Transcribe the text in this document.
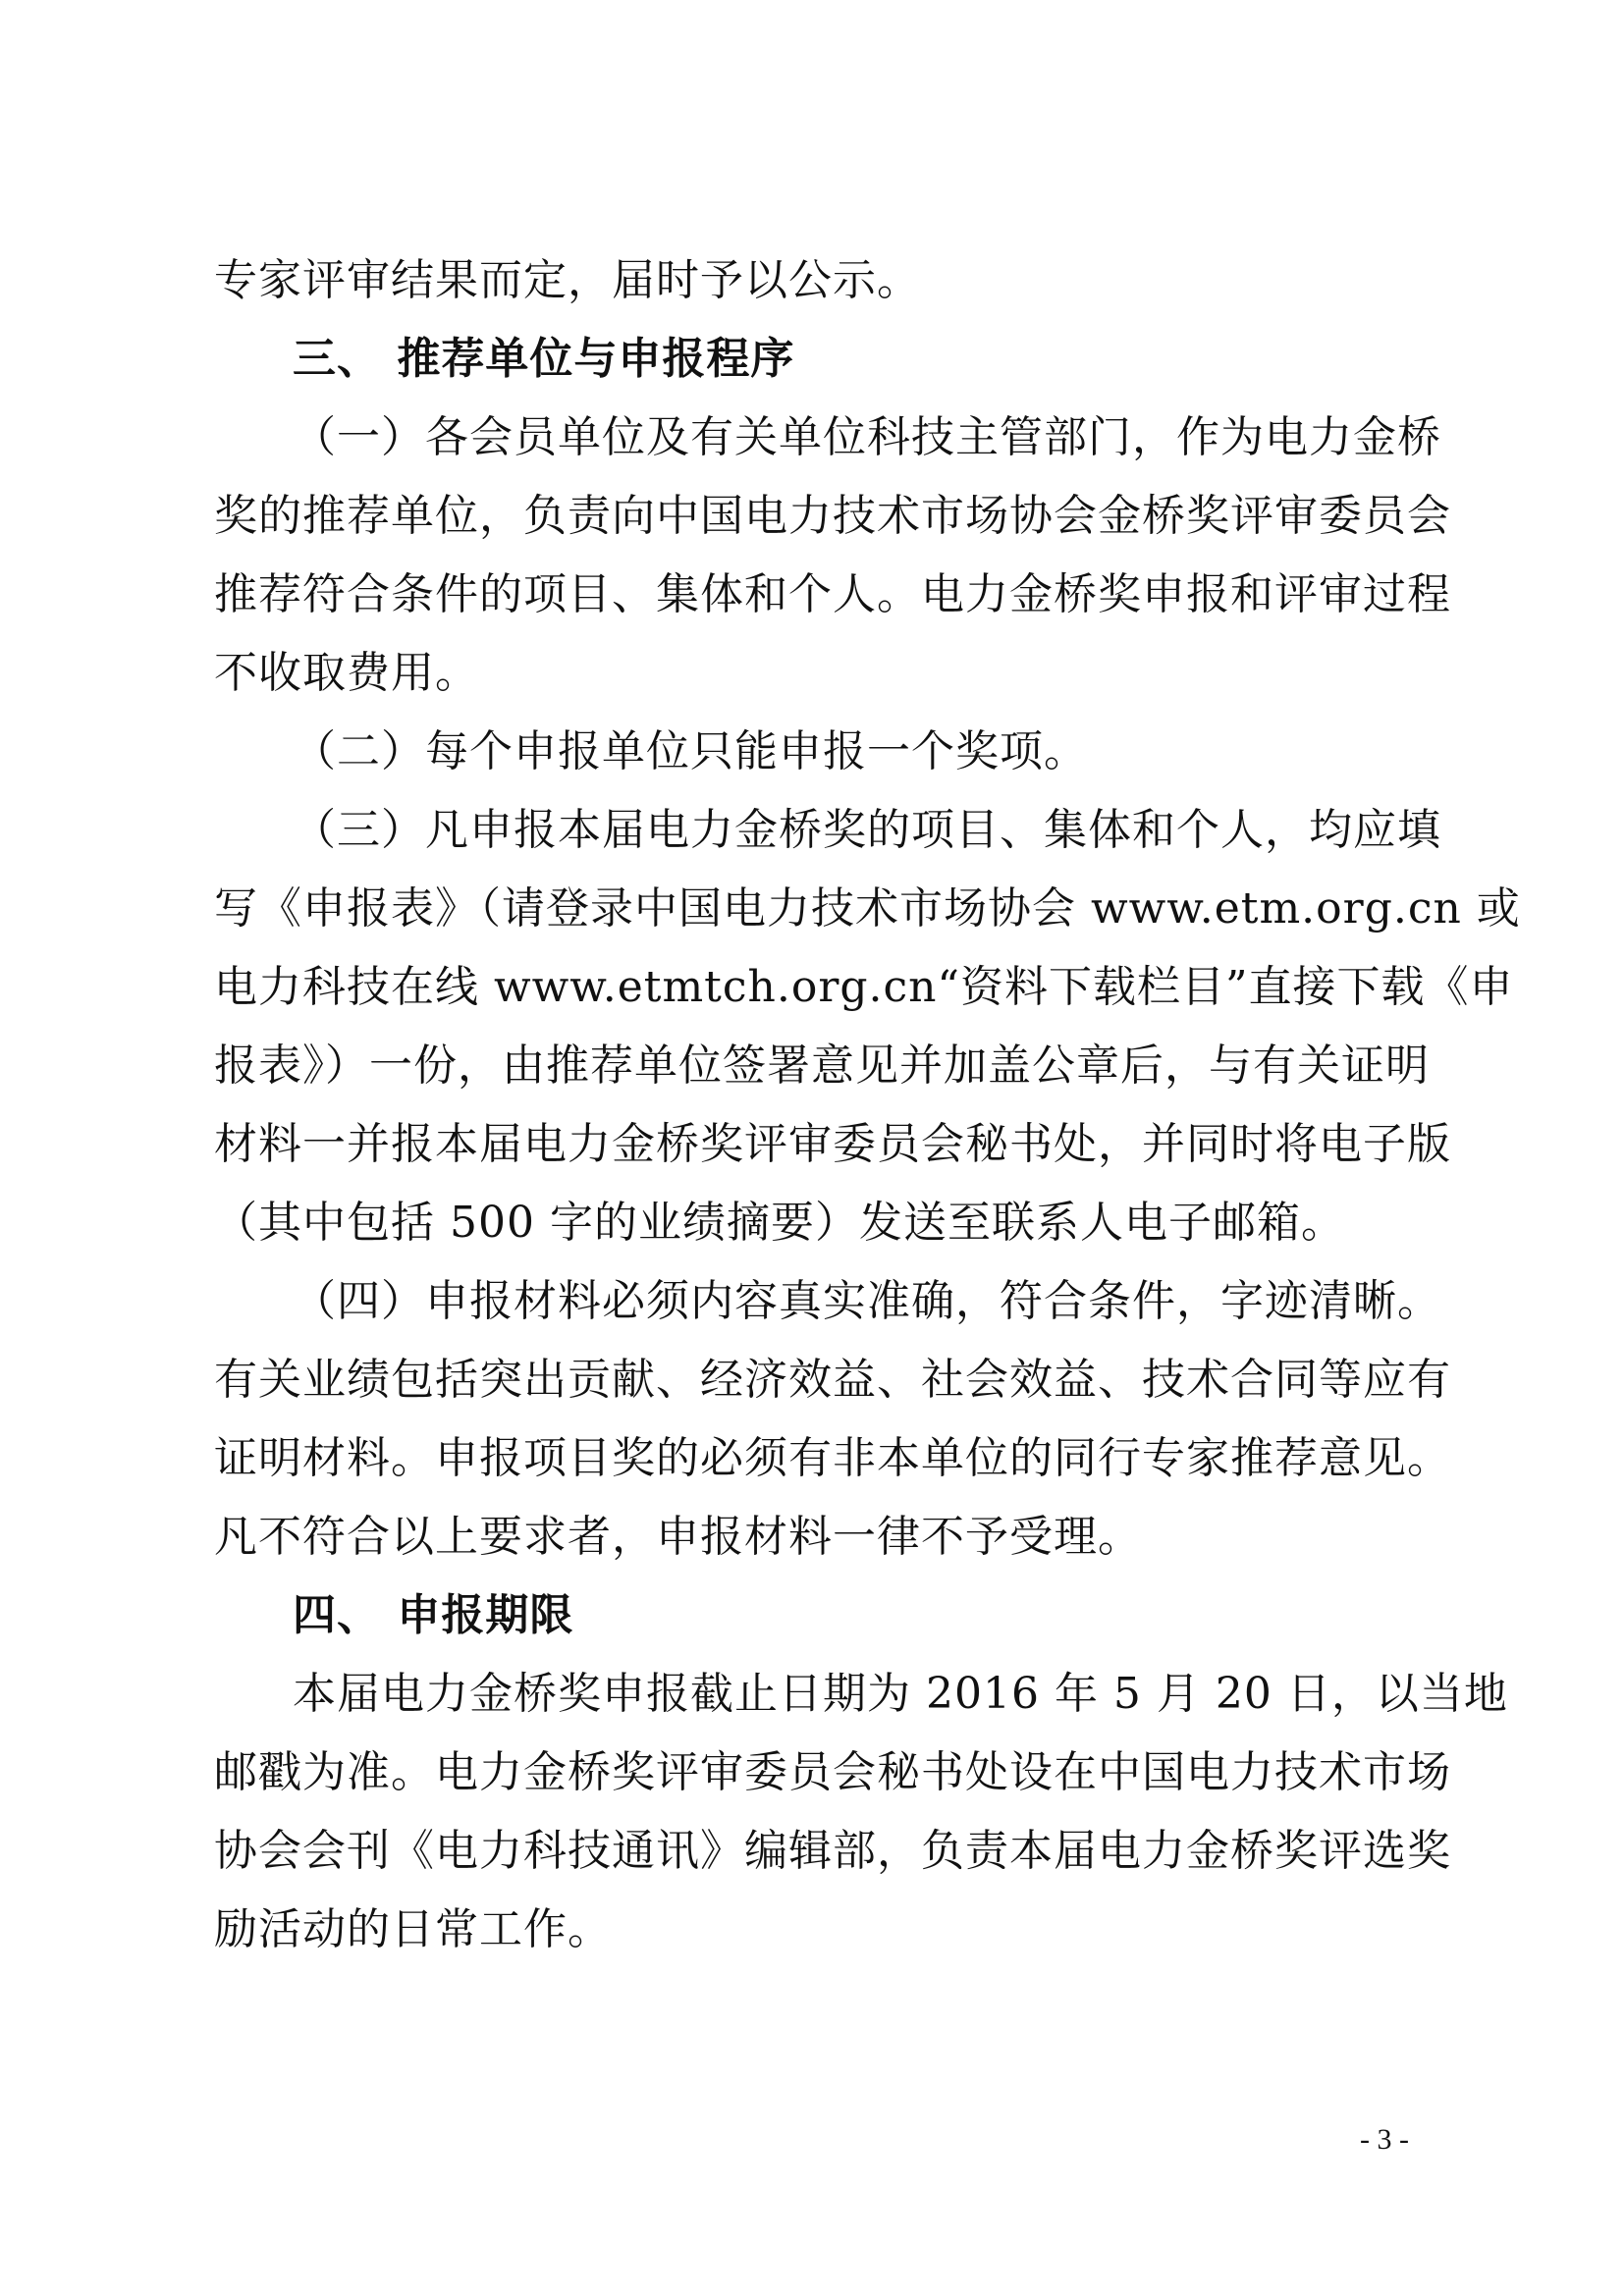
专家评审结果而定，届时予以公示。
三、 推荐单位与申报程序
（一）各会员单位及有关单位科技主管部门，作为电力金桥
奖的推荐单位，负责向中国电力技术市场协会金桥奖评审委员会
推荐符合条件的项目、集体和个人。电力金桥奖申报和评审过程
不收取费用。
（二）每个申报单位只能申报一个奖项。
（三）凡申报本届电力金桥奖的项目、集体和个人，均应填
写《申报表》（请登录中国电力技术市场协会 www.etm.org.cn 或
电力科技在线 www.etmtch.org.cn“资料下载栏目”直接下载《申
报表》）一份，由推荐单位签署意见并加盖公章后，与有关证明
材料一并报本届电力金桥奖评审委员会秘书处，并同时将电子版
（其中包括 500 字的业绩摘要）发送至联系人电子邮箱。
（四）申报材料必须内容真实准确，符合条件，字迹清晰。
有关业绩包括突出贡献、经济效益、社会效益、技术合同等应有
证明材料。申报项目奖的必须有非本单位的同行专家推荐意见。
凡不符合以上要求者，申报材料一律不予受理。
四、 申报期限
本届电力金桥奖申报截止日期为 2016 年 5 月 20 日，以当地
邮戳为准。电力金桥奖评审委员会秘书处设在中国电力技术市场
协会会刊《电力科技通讯》编辑部，负责本届电力金桥奖评选奖
励活动的日常工作。
- 3 -
